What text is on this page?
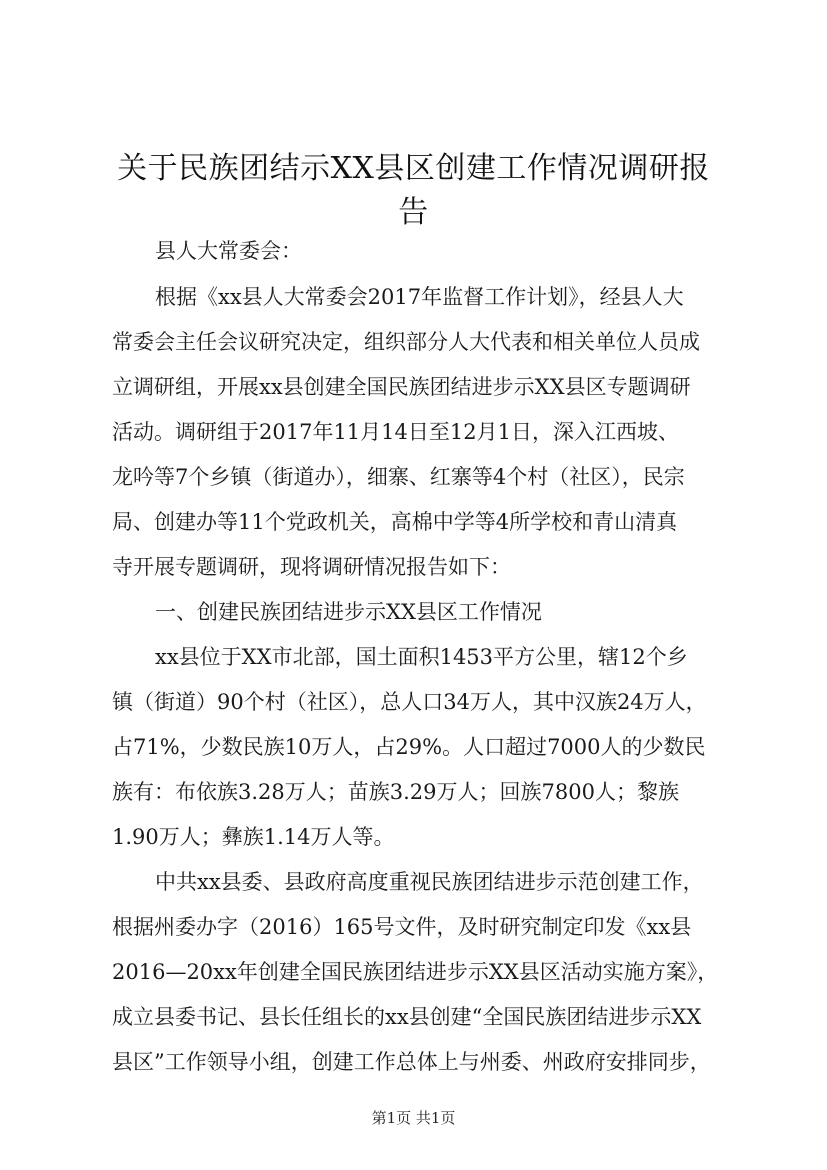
关于民族团结示XX县区创建工作情况调研报
告
县人大常委会：
根据《xx县人大常委会2017年监督工作计划》，经县人大
常委会主任会议研究决定，组织部分人大代表和相关单位人员成
立调研组，开展xx县创建全国民族团结进步示XX县区专题调研
活动。调研组于2017年11月14日至12月1日，深入江西坡、
龙吟等7个乡镇（街道办），细寨、红寨等4个村（社区），民宗
局、创建办等11个党政机关，高棉中学等4所学校和青山清真
寺开展专题调研，现将调研情况报告如下：
一、创建民族团结进步示XX县区工作情况
xx县位于XX市北部，国土面积1453平方公里，辖12个乡
镇（街道）90个村（社区），总人口34万人，其中汉族24万人，
占71%，少数民族10万人，占29%。人口超过7000人的少数民
族有：布依族3.28万人；苗族3.29万人；回族7800人；黎族
1.90万人；彝族1.14万人等。
中共xx县委、县政府高度重视民族团结进步示范创建工作，
根据州委办字（2016）165号文件，及时研究制定印发《xx县
2016—20xx年创建全国民族团结进步示XX县区活动实施方案》，
成立县委书记、县长任组长的xx县创建“全国民族团结进步示XX
县区”工作领导小组，创建工作总体上与州委、州政府安排同步，
第1页 共1页
